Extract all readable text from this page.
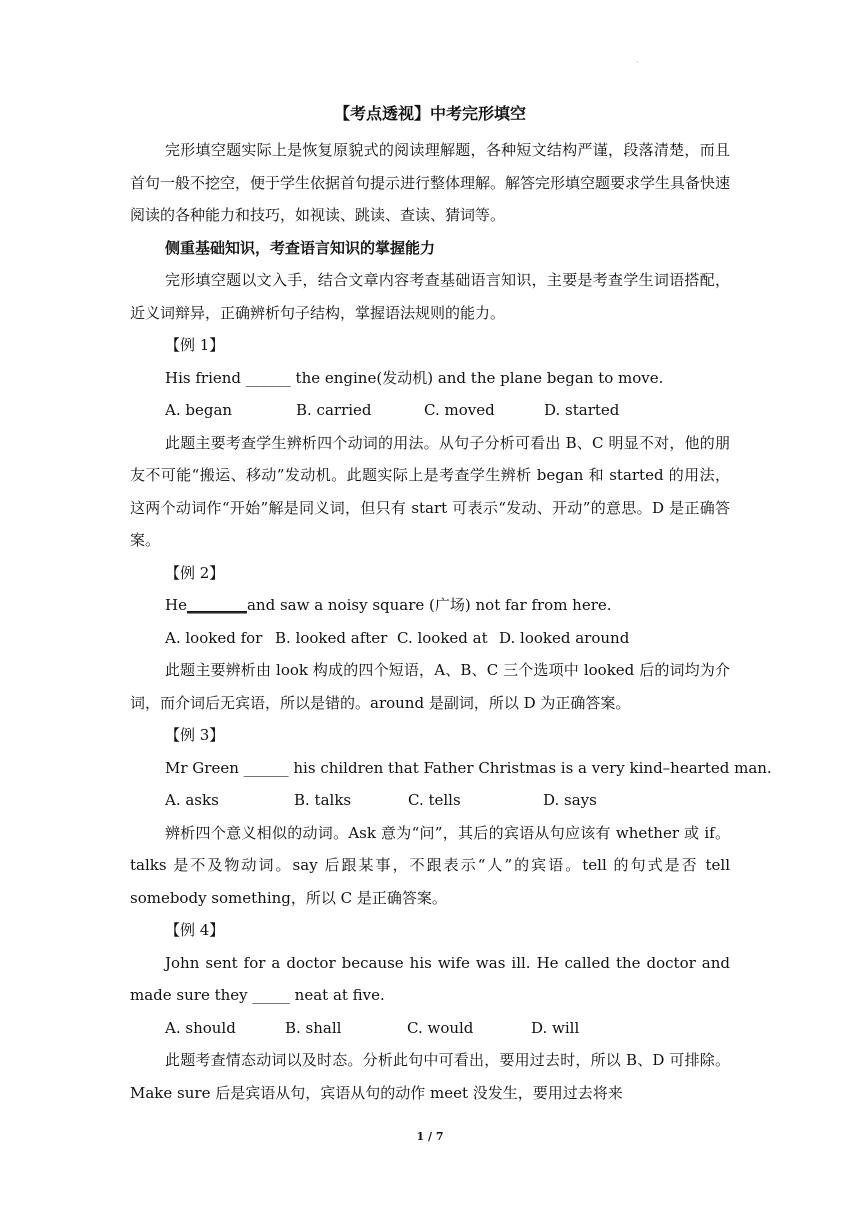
·
【考点透视】中考完形填空

完形填空题实际上是恢复原貌式的阅读理解题，各种短文结构严谨，段落清楚，而且首句一般不挖空，便于学生依据首句提示进行整体理解。解答完形填空题要求学生具备快速阅读的各种能力和技巧，如视读、跳读、查读、猜词等。

侧重基础知识，考查语言知识的掌握能力

完形填空题以文入手，结合文章内容考查基础语言知识，主要是考查学生词语搭配，近义词辩异，正确辨析句子结构，掌握语法规则的能力。

【例 1】

His friend ______ the engine(发动机) and the plane began to move.

A. began	B. carried	C. moved	D. started

此题主要考查学生辨析四个动词的用法。从句子分析可看出 B、C 明显不对，他的朋友不可能“搬运、移动”发动机。此题实际上是考查学生辨析 began 和 started 的用法，这两个动词作“开始”解是同义词，但只有 start 可表示“发动、开动”的意思。D 是正确答案。

【例 2】

He________and saw a noisy square (广场) not far from here.

A. looked for B. looked after C. looked at D. looked around

此题主要辨析由 look 构成的四个短语，A、B、C 三个选项中 looked 后的词均为介词，而介词后无宾语，所以是错的。around 是副词，所以 D 为正确答案。

【例 3】

Mr Green ______ his children that Father Christmas is a very kind–hearted man.

A. asks	B. talks	C. tells	D. says

辨析四个意义相似的动词。Ask 意为“问”，其后的宾语从句应该有 whether 或 if。talks 是不及物动词。say 后跟某事，不跟表示“人”的宾语。tell 的句式是否 tell somebody something，所以 C 是正确答案。

【例 4】

John sent for a doctor because his wife was ill. He called the doctor and made sure they _____ neat at five.

A. should	B. shall	C. would	D. will

此题考查情态动词以及时态。分析此句中可看出，要用过去时，所以 B、D 可排除。Make sure 后是宾语从句，宾语从句的动作 meet 没发生，要用过去将来

1 / 7
